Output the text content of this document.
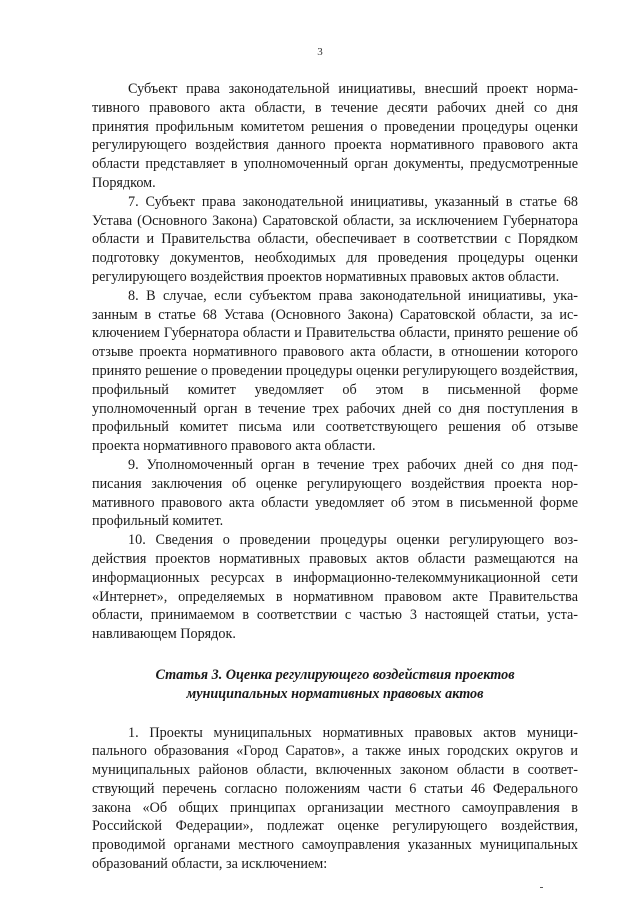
3

Субъект права законодательной инициативы, внесший проект нормативного правового акта области, в течение десяти рабочих дней со дня принятия профильным комитетом решения о проведении процедуры оценки регулирующего воздействия данного проекта нормативного правового акта области представляет в уполномоченный орган документы, предусмотренные Порядком.

7. Субъект права законодательной инициативы, указанный в статье 68 Устава (Основного Закона) Саратовской области, за исключением Губернатора области и Правительства области, обеспечивает в соответствии с Порядком подготовку документов, необходимых для проведения процедуры оценки регулирующего воздействия проектов нормативных правовых актов области.

8. В случае, если субъектом права законодательной инициативы, указанным в статье 68 Устава (Основного Закона) Саратовской области, за исключением Губернатора области и Правительства области, принято решение об отзыве проекта нормативного правового акта области, в отношении которого принято решение о проведении процедуры оценки регулирующего воздействия, профильный комитет уведомляет об этом в письменной форме уполномоченный орган в течение трех рабочих дней со дня поступления в профильный комитет письма или соответствующего решения об отзыве проекта нормативного правового акта области.

9. Уполномоченный орган в течение трех рабочих дней со дня подписания заключения об оценке регулирующего воздействия проекта нормативного правового акта области уведомляет об этом в письменной форме профильный комитет.

10. Сведения о проведении процедуры оценки регулирующего воздействия проектов нормативных правовых актов области размещаются на информационных ресурсах в информационно-телекоммуникационной сети «Интернет», определяемых в нормативном правовом акте Правительства области, принимаемом в соответствии с частью 3 настоящей статьи, устанавливающем Порядок.

Статья 3. Оценка регулирующего воздействия проектов
муниципальных нормативных правовых актов

1. Проекты муниципальных нормативных правовых актов муниципального образования «Город Саратов», а также иных городских округов и муниципальных районов области, включенных законом области в соответствующий перечень согласно положениям части 6 статьи 46 Федерального закона «Об общих принципах организации местного самоуправления в Российской Федерации», подлежат оценке регулирующего воздействия, проводимой органами местного самоуправления указанных муниципальных образований области, за исключением:
